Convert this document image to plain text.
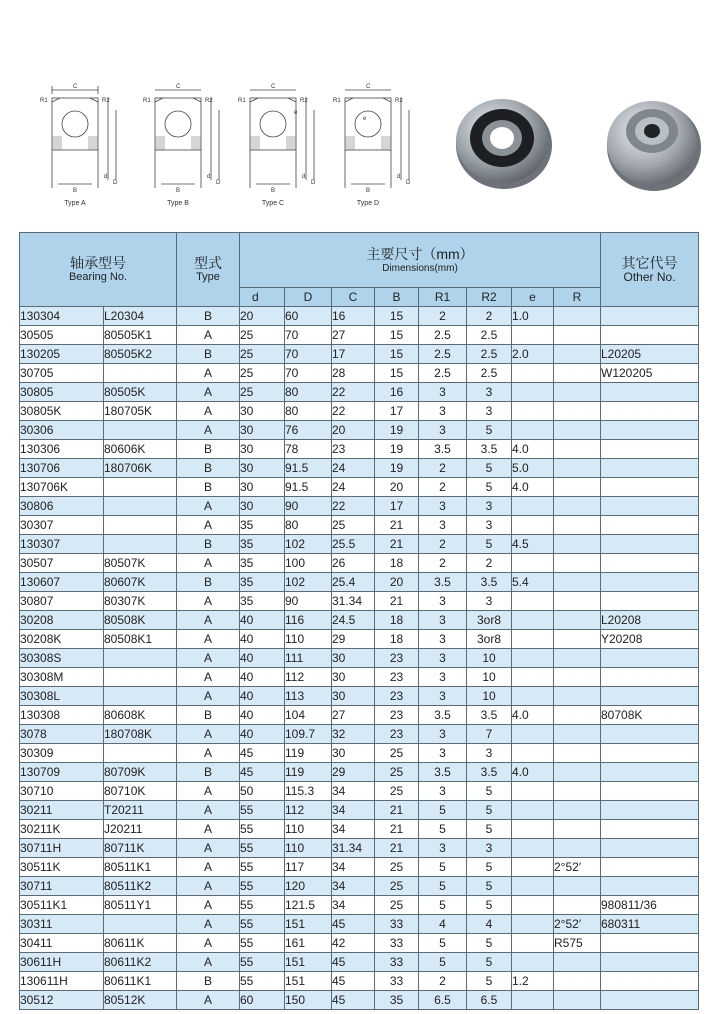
R1
C
R2
B
d
D
Type A
R1
C
R2
B
d
D
Type B
R1
C
R2
e
B
d
D
Type C
R1
C
R2
e
B
d
D
Type D
轴承型号
Bearing No.		型式
Type	主要尺寸（mm）
Dimensions(mm)								其它代号
Other No.

			d	D	C	B	R1	R2	e	R	
130304	L20304	B	20	60	16	15	2	2	1.0		
30505	80505K1	A	25	70	27	15	2.5	2.5			
130205	80505K2	B	25	70	17	15	2.5	2.5	2.0		L20205
30705		A	25	70	28	15	2.5	2.5			W120205
30805	80505K	A	25	80	22	16	3	3			
30805K	180705K	A	30	80	22	17	3	3			
30306		A	30	76	20	19	3	5			
130306	80606K	B	30	78	23	19	3.5	3.5	4.0		
130706	180706K	B	30	91.5	24	19	2	5	5.0		
130706K		B	30	91.5	24	20	2	5	4.0		
30806		A	30	90	22	17	3	3			
30307		A	35	80	25	21	3	3			
130307		B	35	102	25.5	21	2	5	4.5		
30507	80507K	A	35	100	26	18	2	2			
130607	80607K	B	35	102	25.4	20	3.5	3.5	5.4		
30807	80307K	A	35	90	31.34	21	3	3			
30208	80508K	A	40	116	24.5	18	3	3or8			L20208
30208K	80508K1	A	40	110	29	18	3	3or8			Y20208
30308S		A	40	111	30	23	3	10			
30308M		A	40	112	30	23	3	10			
30308L		A	40	113	30	23	3	10			
130308	80608K	B	40	104	27	23	3.5	3.5	4.0		80708K
3078	180708K	A	40	109.7	32	23	3	7			
30309		A	45	119	30	25	3	3			
130709	80709K	B	45	119	29	25	3.5	3.5	4.0		
30710	80710K	A	50	115.3	34	25	3	5			
30211	T20211	A	55	112	34	21	5	5			
30211K	J20211	A	55	110	34	21	5	5			
30711H	80711K	A	55	110	31.34	21	3	3			
30511K	80511K1	A	55	117	34	25	5	5		2°52′	
30711	80511K2	A	55	120	34	25	5	5			
30511K1	80511Y1	A	55	121.5	34	25	5	5			980811/36
30311		A	55	151	45	33	4	4		2°52′	680311
30411	80611K	A	55	161	42	33	5	5		R575	
30611H	80611K2	A	55	151	45	33	5	5			
130611H	80611K1	B	55	151	45	33	2	5	1.2		
30512	80512K	A	60	150	45	35	6.5	6.5			
